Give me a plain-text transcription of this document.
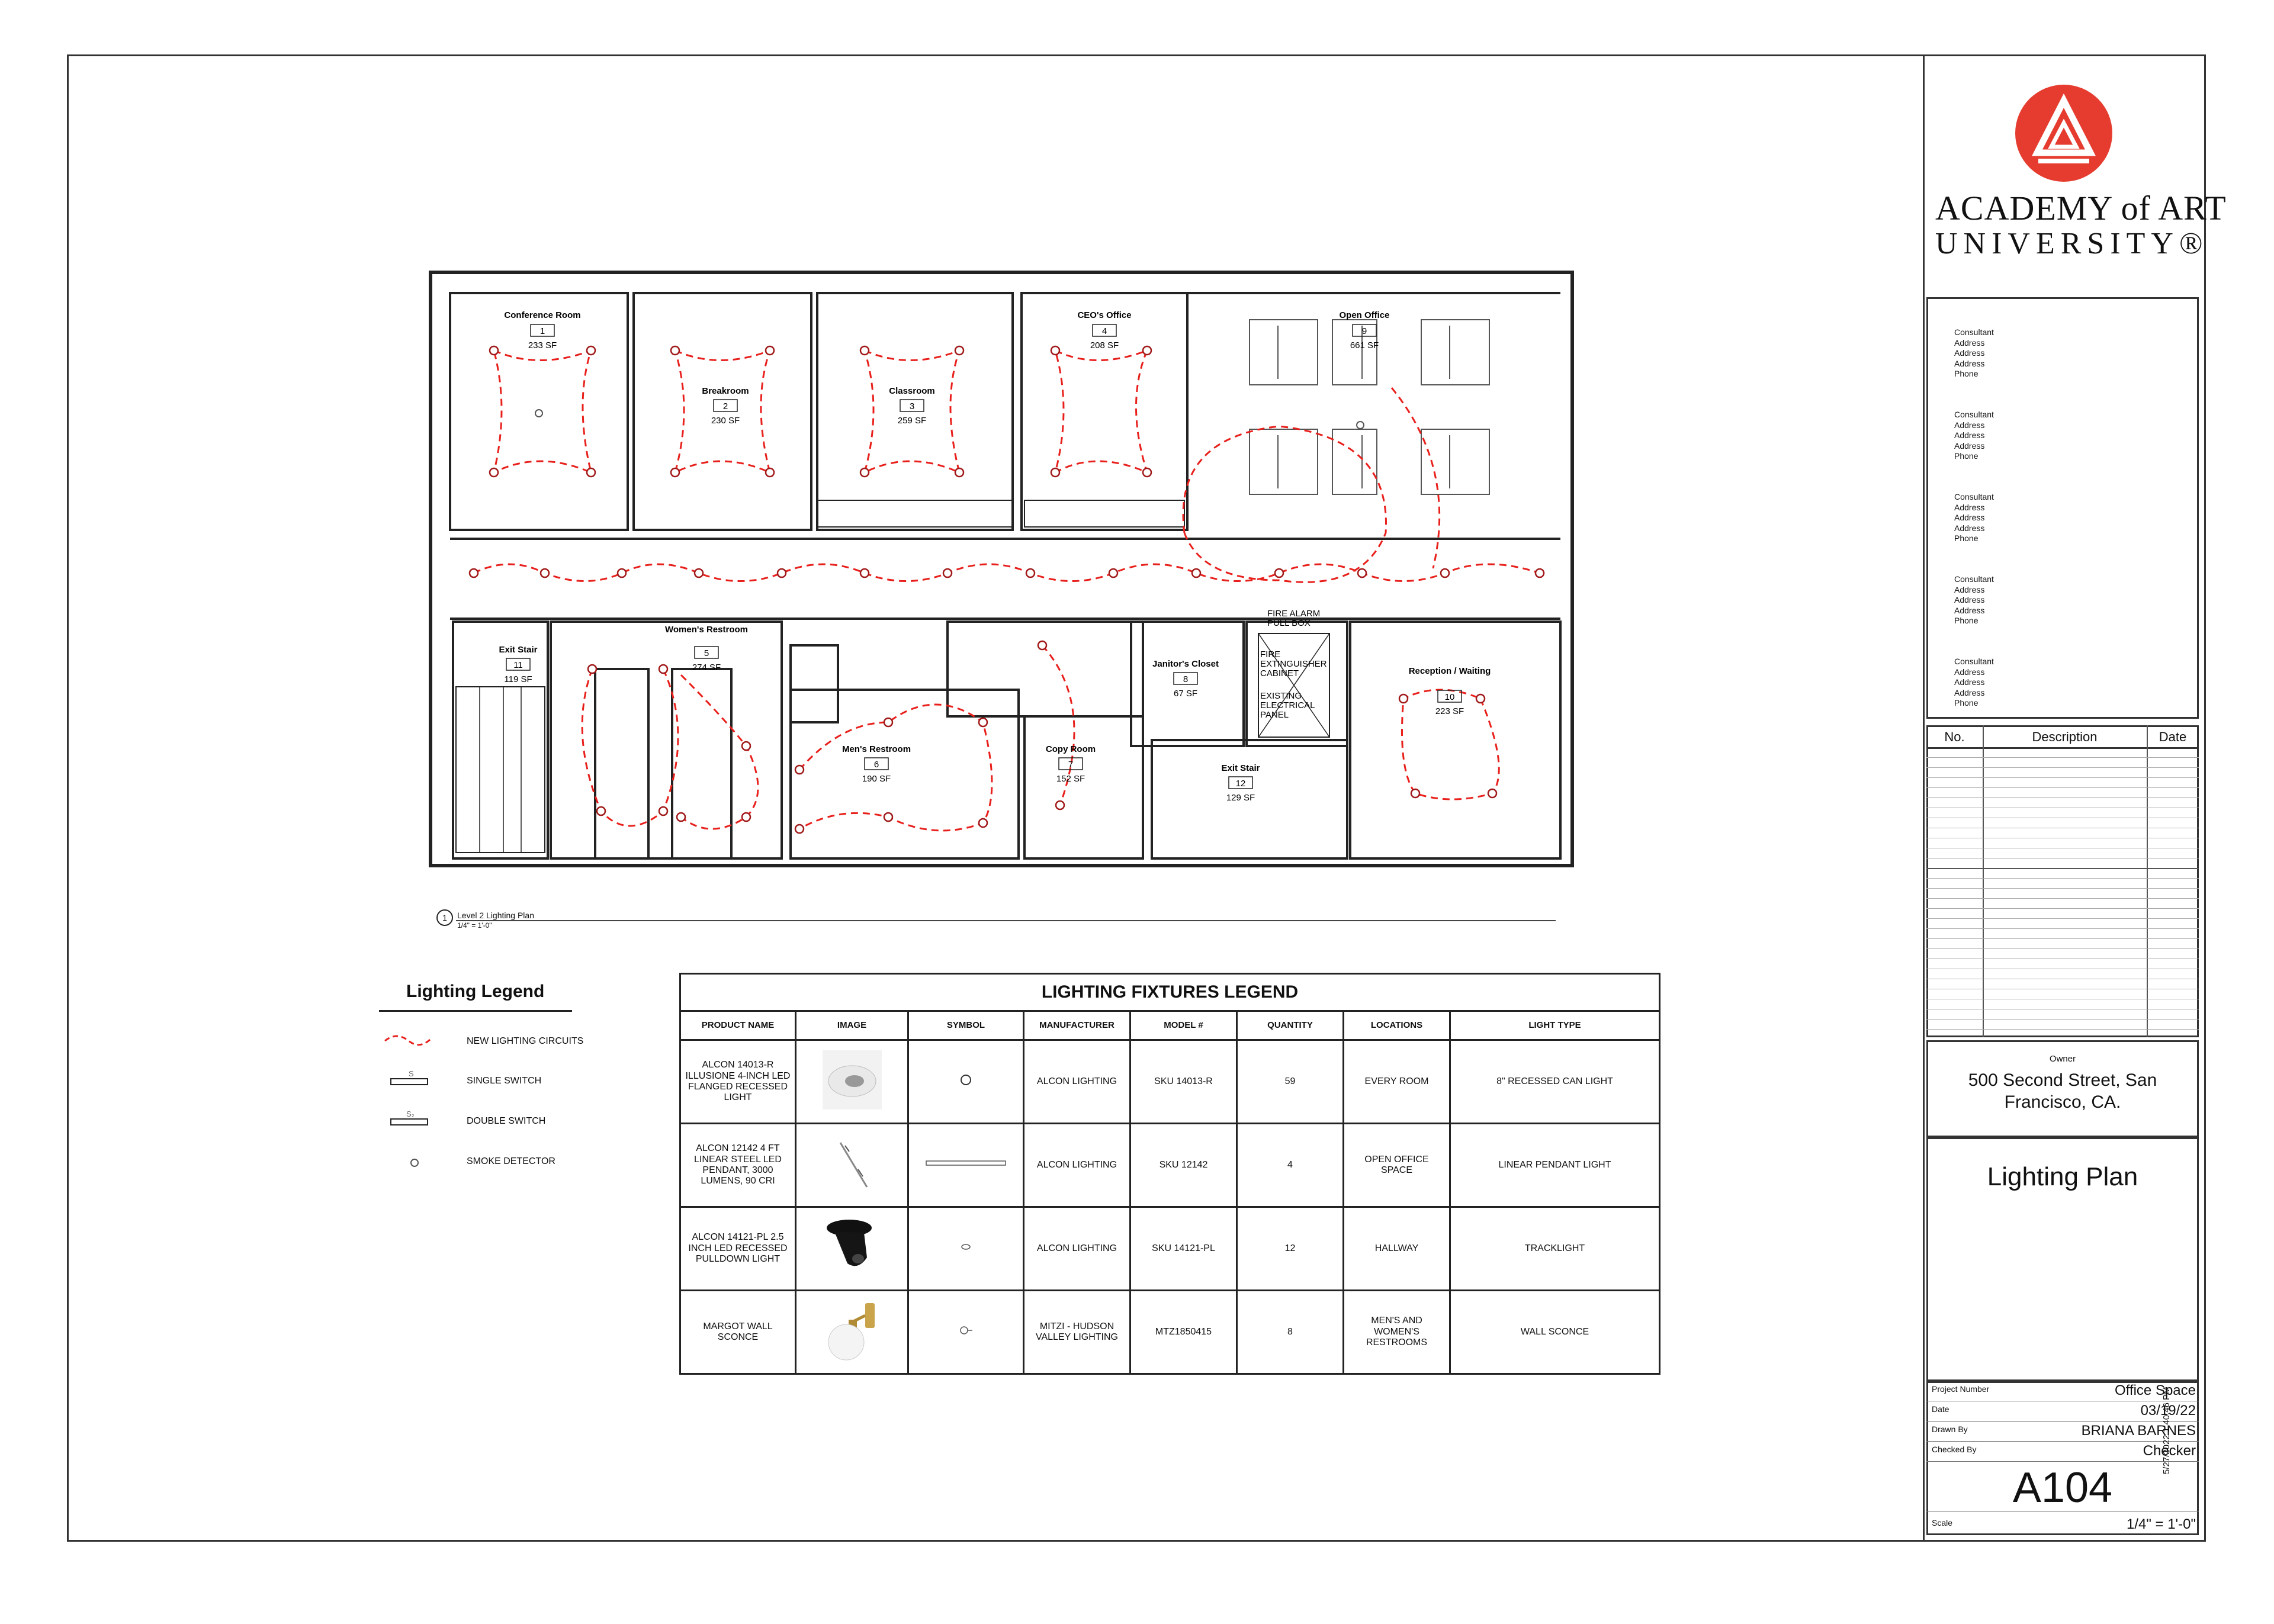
Conference Room
1
233 SF
Breakroom
2
230 SF
Classroom
3
259 SF
CEO's Office
4
208 SF
Women's Restroom
5
274 SF
Men's Restroom
6
190 SF
Copy Room
7
152 SF
Janitor's Closet
8
67 SF
Open Office
9
661 SF
Reception / Waiting
10
223 SF
Exit Stair
11
119 SF
Exit Stair
12
129 SF
FIRE ALARM
PULL BOX
FIRE
EXTINGUISHER
CABINET
EXISTING
ELECTRICAL
PANEL
1	Level 2 Lighting Plan
1/4" = 1'-0"
Lighting Legend
S
S₂
NEW LIGHTING CIRCUITS
SINGLE SWITCH
DOUBLE SWITCH
SMOKE DETECTOR
LIGHTING FIXTURES LEGEND							
PRODUCT NAME	IMAGE	SYMBOL	MANUFACTURER	MODEL #	QUANTITY	LOCATIONS	LIGHT TYPE
ALCON 14013-R ILLUSIONE 4-INCH LED FLANGED RECESSED LIGHT			ALCON LIGHTING	SKU 14013-R	59	EVERY ROOM	8" RECESSED CAN LIGHT
ALCON 12142 4 FT LINEAR STEEL LED PENDANT, 3000 LUMENS, 90 CRI			ALCON LIGHTING	SKU 12142	4	OPEN OFFICE SPACE	LINEAR PENDANT LIGHT
ALCON 14121-PL 2.5 INCH LED RECESSED PULLDOWN LIGHT			ALCON LIGHTING	SKU 14121-PL	12	HALLWAY	TRACKLIGHT
MARGOT WALL SCONCE			MITZI - HUDSON VALLEY LIGHTING	MTZ1850415	8	MEN'S AND WOMEN'S RESTROOMS	WALL SCONCE
ACADEMY of ART
UNIVERSITY®
Consultant
Address
Address
Address
Phone
Consultant
Address
Address
Address
Phone
Consultant
Address
Address
Address
Phone
Consultant
Address
Address
Address
Phone
Consultant
Address
Address
Address
Phone
No.	Description	Date
Owner
500 Second Street, San
Francisco, CA.
Lighting Plan
Project Number	Office Space
Date	03/19/22
Drawn By	BRIANA BARNES
Checked By	Checker
A104
Scale	1/4" = 1'-0"
5/27/2022 1:40:46 PM
